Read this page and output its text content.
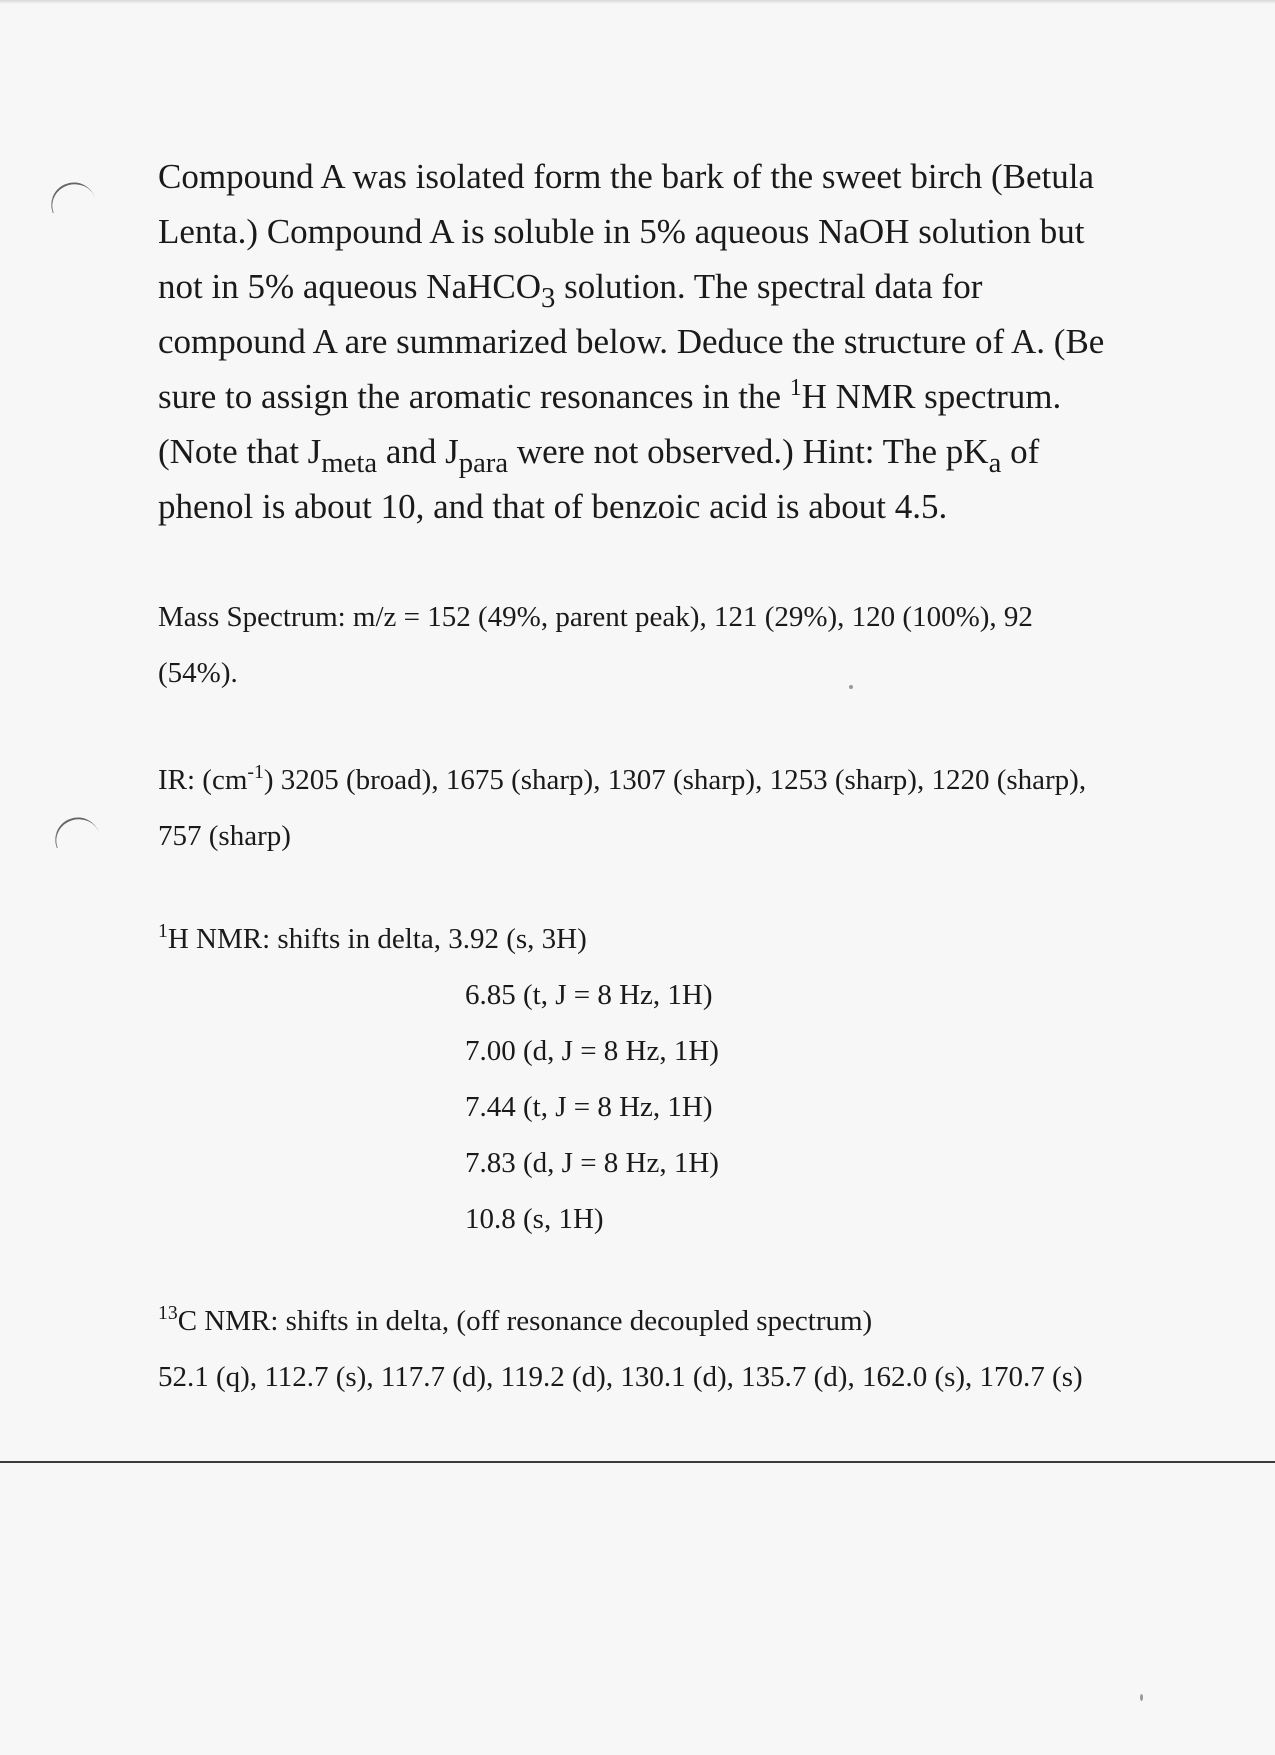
Compound A was isolated form the bark of the sweet birch (Betula
Lenta.) Compound A is soluble in 5% aqueous NaOH solution but
not in 5% aqueous NaHCO$_3$ solution. The spectral data for
compound A are summarized below. Deduce the structure of A. (Be
sure to assign the aromatic resonances in the $^1$H NMR spectrum.
(Note that $J_{meta}$ and $J_{para}$ were not observed.) Hint: The $pK_a$ of
phenol is about 10, and that of benzoic acid is about 4.5.
Mass Spectrum: m/z = 152 (49%, parent peak), 121 (29%), 120 (100%), 92
(54%).
IR: $(cm^{-1})$ 3205 (broad), 1675 (sharp), 1307 (sharp), 1253 (sharp), 1220 (sharp),
757 (sharp)
$^1$H NMR: shifts in delta, 3.92 (s, 3H)
6.85 (t, J = 8 Hz, 1H)
7.00 (d, J = 8 Hz, 1H)
7.44 (t, J = 8 Hz, 1H)
7.83 (d, J = 8 Hz, 1H)
10.8 (s, 1H)
$^{13}$C NMR: shifts in delta, (off resonance decoupled spectrum)
52.1 (q), 112.7 (s), 117.7 (d), 119.2 (d), 130.1 (d), 135.7 (d), 162.0 (s), 170.7 (s)
